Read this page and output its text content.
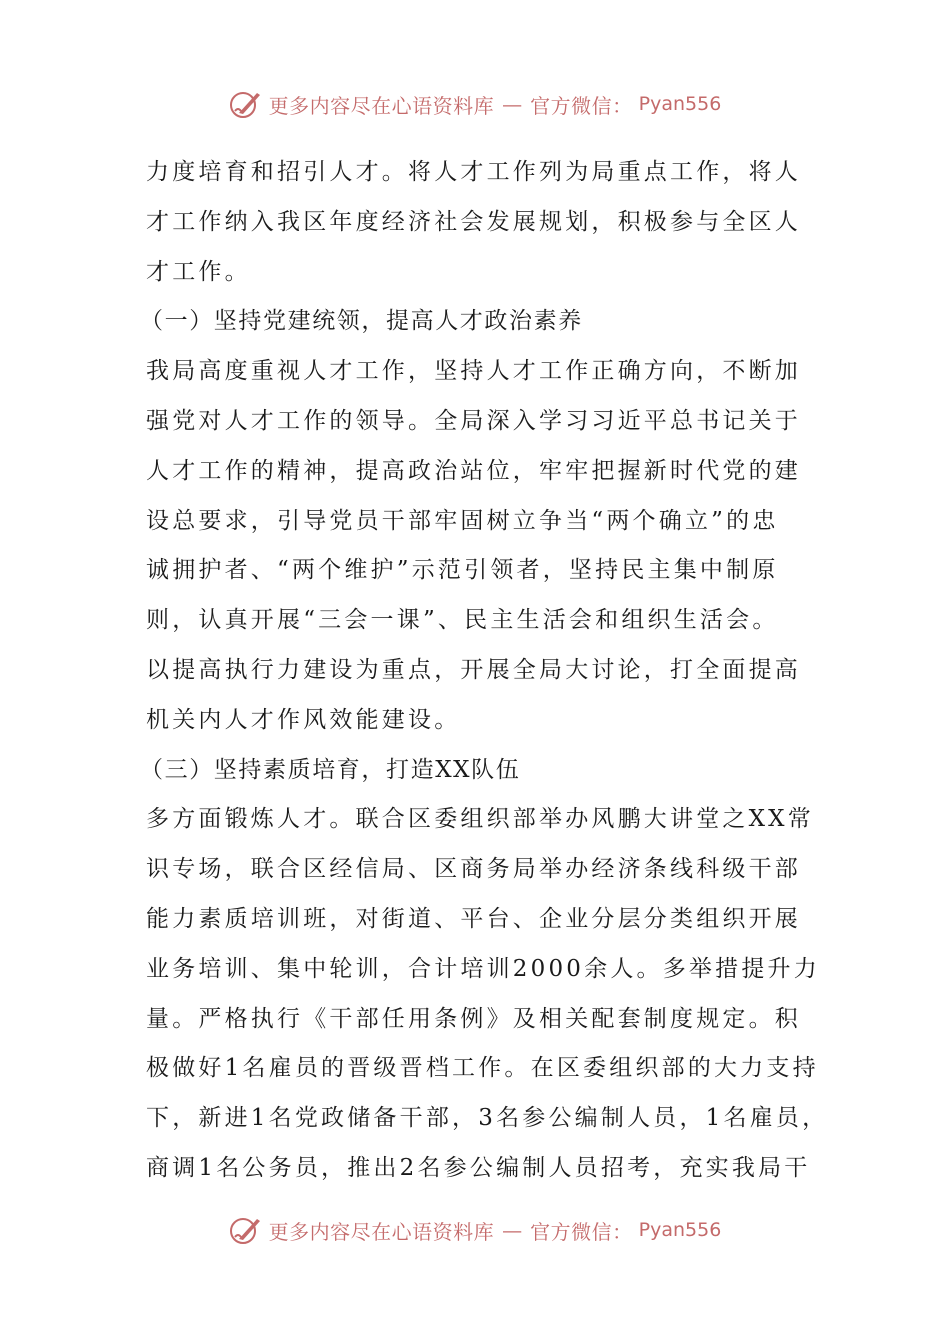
更多内容尽在心语资料库 — 官方微信： Pyan556
力度培育和招引人才。将人才工作列为局重点工作，将人
才工作纳入我区年度经济社会发展规划，积极参与全区人
才工作。
（一）坚持党建统领，提高人才政治素养
我局高度重视人才工作，坚持人才工作正确方向，不断加
强党对人才工作的领导。全局深入学习习近平总书记关于
人才工作的精神，提高政治站位，牢牢把握新时代党的建
设总要求，引导党员干部牢固树立争当“两个确立”的忠
诚拥护者、“两个维护”示范引领者，坚持民主集中制原
则，认真开展“三会一课”、民主生活会和组织生活会。
以提高执行力建设为重点，开展全局大讨论，打全面提高
机关内人才作风效能建设。
（三）坚持素质培育，打造XX队伍
多方面锻炼人才。联合区委组织部举办风鹏大讲堂之XX常
识专场，联合区经信局、区商务局举办经济条线科级干部
能力素质培训班，对街道、平台、企业分层分类组织开展
业务培训、集中轮训，合计培训2000余人。多举措提升力
量。严格执行《干部任用条例》及相关配套制度规定。积
极做好1名雇员的晋级晋档工作。在区委组织部的大力支持
下，新进1名党政储备干部，3名参公编制人员，1名雇员，
商调1名公务员，推出2名参公编制人员招考，充实我局干
更多内容尽在心语资料库 — 官方微信： Pyan556
